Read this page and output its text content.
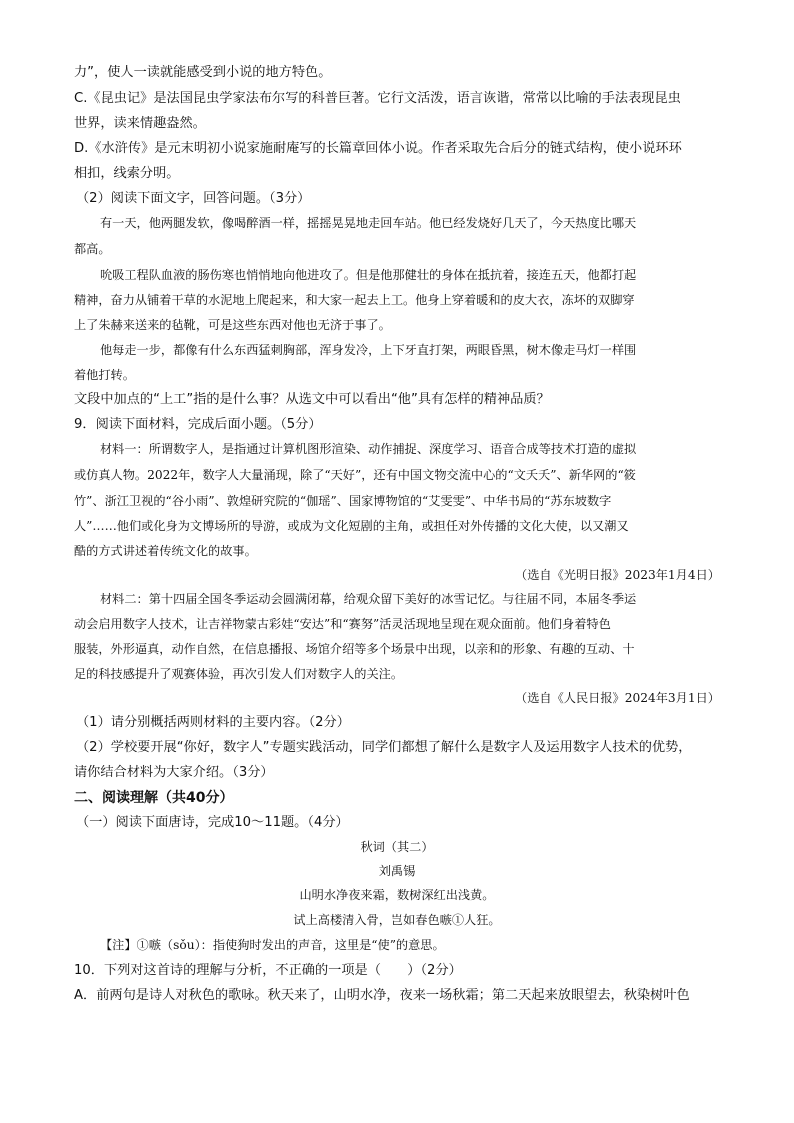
力”，使人一读就能感受到小说的地方特色。
C.《昆虫记》是法国昆虫学家法布尔写的科普巨著。它行文活泼，语言诙谐，常常以比喻的手法表现昆虫
世界，读来情趣盎然。
D.《水浒传》是元末明初小说家施耐庵写的长篇章回体小说。作者采取先合后分的链式结构，使小说环环
相扣，线索分明。
（2）阅读下面文字，回答问题。（3分）
有一天，他两腿发软，像喝醉酒一样，摇摇晃晃地走回车站。他已经发烧好几天了，今天热度比哪天
都高。
吮吸工程队血液的肠伤寒也悄悄地向他进攻了。但是他那健壮的身体在抵抗着，接连五天，他都打起
精神，奋力从铺着干草的水泥地上爬起来，和大家一起去上工。他身上穿着暖和的皮大衣，冻坏的双脚穿
上了朱赫来送来的毡靴，可是这些东西对他也无济于事了。
他每走一步，都像有什么东西猛刺胸部，浑身发冷，上下牙直打架，两眼昏黑，树木像走马灯一样围
着他打转。
文段中加点的“上工”指的是什么事？从选文中可以看出“他”具有怎样的精神品质？
9．阅读下面材料，完成后面小题。（5分）
材料一：所谓数字人，是指通过计算机图形渲染、动作捕捉、深度学习、语音合成等技术打造的虚拟
或仿真人物。2022年，数字人大量涌现，除了“天好”，还有中国文物交流中心的“文夭夭”、新华网的“筱
竹”、浙江卫视的“谷小雨”、敦煌研究院的“伽瑶”、国家博物馆的“艾雯雯”、中华书局的“苏东坡数字
人”……他们或化身为文博场所的导游，或成为文化短剧的主角，或担任对外传播的文化大使，以又潮又
酷的方式讲述着传统文化的故事。
（选自《光明日报》2023年1月4日）
材料二：第十四届全国冬季运动会圆满闭幕，给观众留下美好的冰雪记忆。与往届不同，本届冬季运
动会启用数字人技术，让吉祥物蒙古彩娃“安达”和“赛努”活灵活现地呈现在观众面前。他们身着特色
服装，外形逼真，动作自然，在信息播报、场馆介绍等多个场景中出现，以亲和的形象、有趣的互动、十
足的科技感提升了观赛体验，再次引发人们对数字人的关注。
（选自《人民日报》2024年3月1日）
（1）请分别概括两则材料的主要内容。（2分）
（2）学校要开展“你好，数字人”专题实践活动，同学们都想了解什么是数字人及运用数字人技术的优势，
请你结合材料为大家介绍。（3分）
二、阅读理解（共40分）
（一）阅读下面唐诗，完成10～11题。（4分）
秋词（其二）
刘禹锡
山明水净夜来霜，数树深红出浅黄。
试上高楼清入骨，岂如春色嗾①人狂。
【注】①嗾（sǒu）：指使狗时发出的声音，这里是“使”的意思。
10．下列对这首诗的理解与分析，不正确的一项是（　　）（2分）
A．前两句是诗人对秋色的歌咏。秋天来了，山明水净，夜来一场秋霜；第二天起来放眼望去，秋染树叶色
